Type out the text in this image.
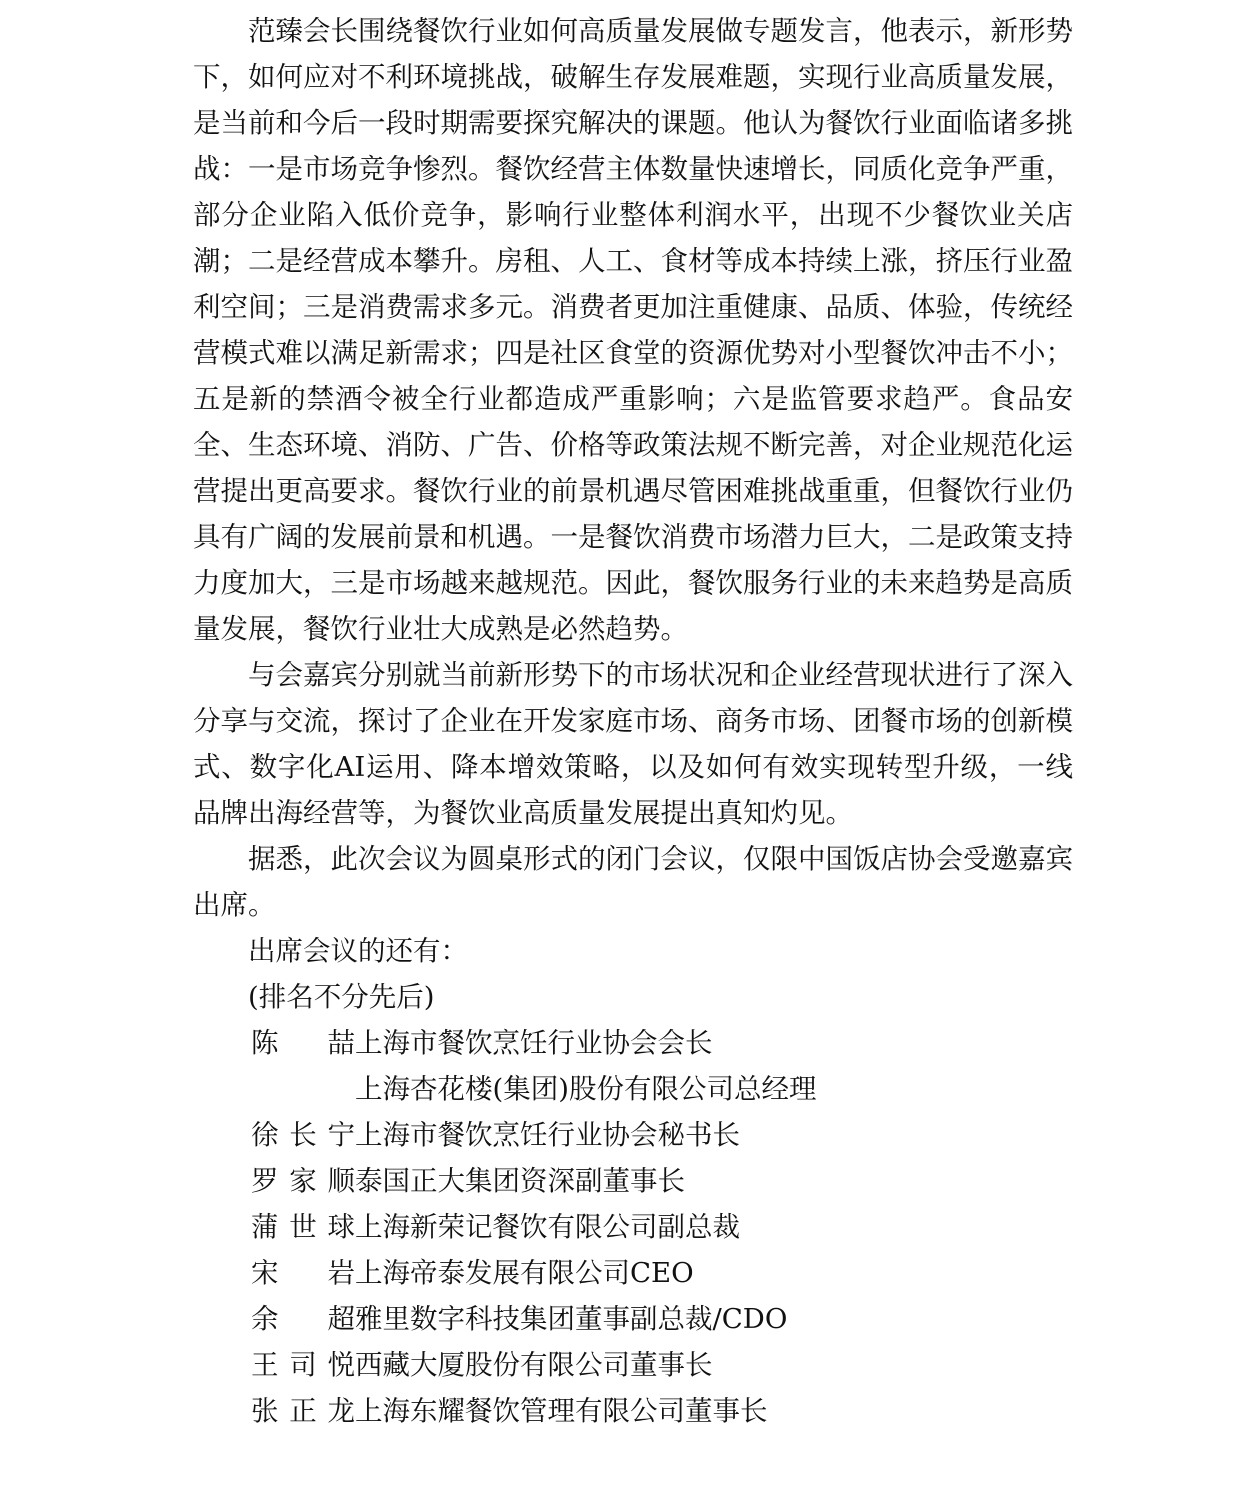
范臻会长围绕餐饮行业如何高质量发展做专题发言，他表示，新形势下，如何应对不利环境挑战，破解生存发展难题，实现行业高质量发展，是当前和今后一段时期需要探究解决的课题。他认为餐饮行业面临诸多挑战：一是市场竞争惨烈。餐饮经营主体数量快速增长，同质化竞争严重，部分企业陷入低价竞争，影响行业整体利润水平，出现不少餐饮业关店潮；二是经营成本攀升。房租、人工、食材等成本持续上涨，挤压行业盈利空间；三是消费需求多元。消费者更加注重健康、品质、体验，传统经营模式难以满足新需求；四是社区食堂的资源优势对小型餐饮冲击不小；五是新的禁酒令被全行业都造成严重影响；六是监管要求趋严。食品安全、生态环境、消防、广告、价格等政策法规不断完善，对企业规范化运营提出更高要求。餐饮行业的前景机遇尽管困难挑战重重，但餐饮行业仍具有广阔的发展前景和机遇。一是餐饮消费市场潜力巨大，二是政策支持力度加大，三是市场越来越规范。因此，餐饮服务行业的未来趋势是高质量发展，餐饮行业壮大成熟是必然趋势。

与会嘉宾分别就当前新形势下的市场状况和企业经营现状进行了深入分享与交流，探讨了企业在开发家庭市场、商务市场、团餐市场的创新模式、数字化AI运用、降本增效策略，以及如何有效实现转型升级，一线品牌出海经营等，为餐饮业高质量发展提出真知灼见。

据悉，此次会议为圆桌形式的闭门会议，仅限中国饭店协会受邀嘉宾出席。

出席会议的还有：

(排名不分先后)

陈 喆 上海市餐饮烹饪行业协会会长
上海杏花楼(集团)股份有限公司总经理
徐长宁 上海市餐饮烹饪行业协会秘书长
罗家顺 泰国正大集团资深副董事长
蒲世球 上海新荣记餐饮有限公司副总裁
宋 岩 上海帝泰发展有限公司CEO
余 超 雅里数字科技集团董事副总裁/CDO
王司悦 西藏大厦股份有限公司董事长
张正龙 上海东耀餐饮管理有限公司董事长
